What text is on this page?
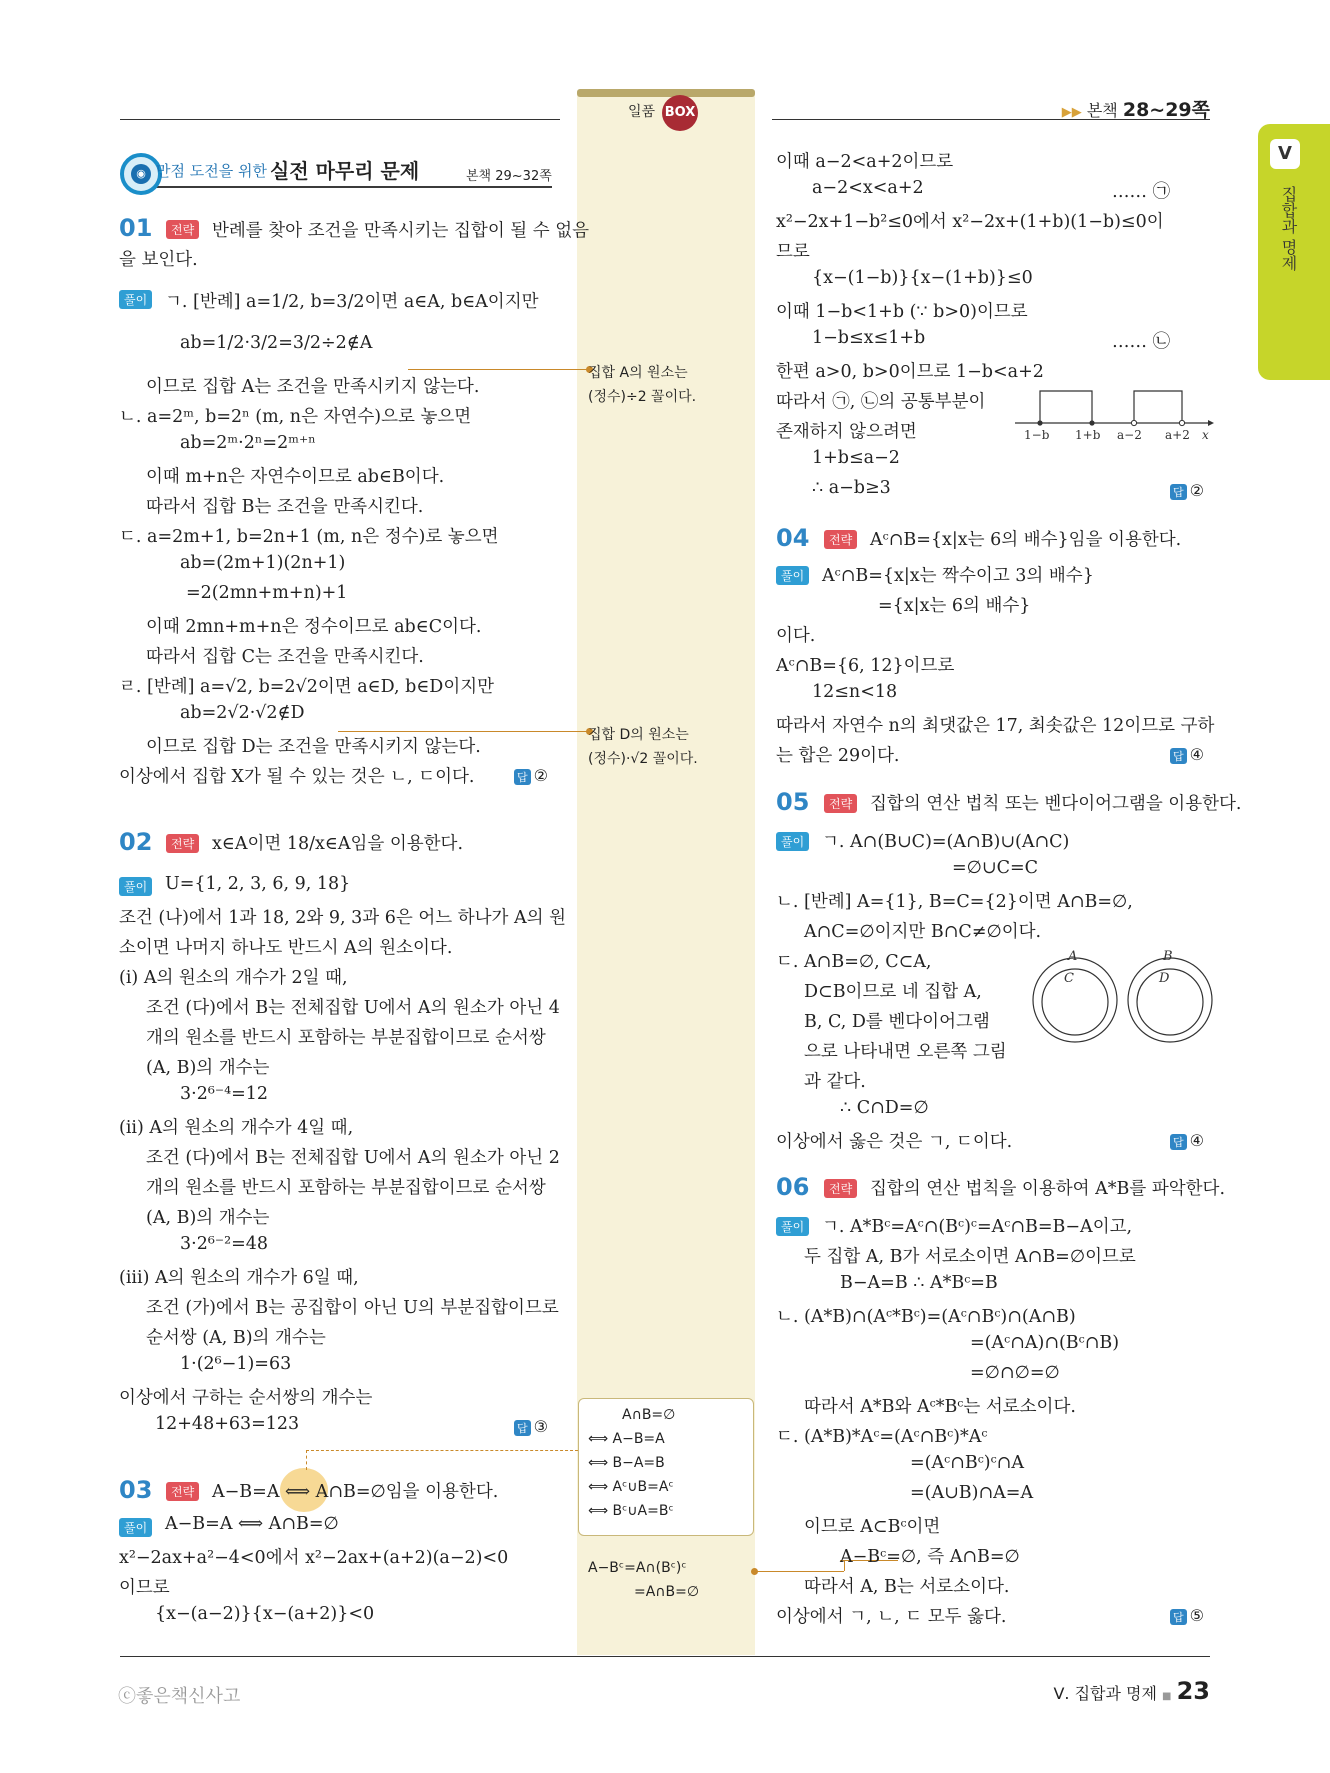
일품 BOX	▶▶ 본책 28~29쪽
V
집합과 명제
◉ 만점 도전을 위한 실전 마무리 문제	본책 29~32쪽
01	전략 반례를 찾아 조건을 만족시키는 집합이 될 수 없음
을 보인다.
풀이 ㄱ. [반례] a=1/2, b=3/2이면 a∈A, b∈A이지만
ab=1/2·3/2=3/2÷2∉A
이므로 집합 A는 조건을 만족시키지 않는다.
ㄴ. a=2ᵐ, b=2ⁿ (m, n은 자연수)으로 놓으면
ab=2ᵐ·2ⁿ=2ᵐ⁺ⁿ
이때 m+n은 자연수이므로 ab∈B이다.
따라서 집합 B는 조건을 만족시킨다.
ㄷ. a=2m+1, b=2n+1 (m, n은 정수)로 놓으면
ab=(2m+1)(2n+1)
=2(2mn+m+n)+1
이때 2mn+m+n은 정수이므로 ab∈C이다.
따라서 집합 C는 조건을 만족시킨다.
ㄹ. [반례] a=√2, b=2√2이면 a∈D, b∈D이지만
ab=2√2·√2∉D
이므로 집합 D는 조건을 만족시키지 않는다.
이상에서 집합 X가 될 수 있는 것은 ㄴ, ㄷ이다.	답 ②
02	전략 x∈A이면 18/x∈A임을 이용한다.
풀이 U={1, 2, 3, 6, 9, 18}
조건 (나)에서 1과 18, 2와 9, 3과 6은 어느 하나가 A의 원
소이면 나머지 하나도 반드시 A의 원소이다.
(i) A의 원소의 개수가 2일 때,
조건 (다)에서 B는 전체집합 U에서 A의 원소가 아닌 4
개의 원소를 반드시 포함하는 부분집합이므로 순서쌍
(A, B)의 개수는
3·2⁶⁻⁴=12
(ii) A의 원소의 개수가 4일 때,
조건 (다)에서 B는 전체집합 U에서 A의 원소가 아닌 2
개의 원소를 반드시 포함하는 부분집합이므로 순서쌍
(A, B)의 개수는
3·2⁶⁻²=48
(iii) A의 원소의 개수가 6일 때,
조건 (가)에서 B는 공집합이 아닌 U의 부분집합이므로
순서쌍 (A, B)의 개수는
1·(2⁶−1)=63
이상에서 구하는 순서쌍의 개수는
12+48+63=123	답 ③
03	전략 A−B=A ⟺ A∩B=∅임을 이용한다.
풀이 A−B=A ⟺ A∩B=∅
x²−2ax+a²−4<0에서 x²−2ax+(a+2)(a−2)<0
이므로
{x−(a−2)}{x−(a+2)}<0
집합 A의 원소는
(정수)÷2 꼴이다.
집합 D의 원소는
(정수)·√2 꼴이다.
A∩B=∅
⟺ A−B=A
⟺ B−A=B
⟺ Aᶜ∪B=Aᶜ
⟺ Bᶜ∪A=Bᶜ
A−Bᶜ=A∩(Bᶜ)ᶜ
=A∩B=∅
이때 a−2<a+2이므로
a−2<x<a+2	…… ㉠
x²−2x+1−b²≤0에서 x²−2x+(1+b)(1−b)≤0이
므로
{x−(1−b)}{x−(1+b)}≤0
이때 1−b<1+b (∵ b>0)이므로
1−b≤x≤1+b	…… ㉡
한편 a>0, b>0이므로 1−b<a+2
따라서 ㉠, ㉡의 공통부분이
존재하지 않으려면
1+b≤a−2
∴ a−b≥3	답 ②
1−b 1+b a−2 a+2 x
04	전략 Aᶜ∩B={x|x는 6의 배수}임을 이용한다.
풀이 Aᶜ∩B={x|x는 짝수이고 3의 배수}
={x|x는 6의 배수}
이다.
Aᶜ∩B={6, 12}이므로
12≤n<18
따라서 자연수 n의 최댓값은 17, 최솟값은 12이므로 구하
는 합은 29이다.	답 ④
05	전략 집합의 연산 법칙 또는 벤다이어그램을 이용한다.
풀이 ㄱ. A∩(B∪C)=(A∩B)∪(A∩C)
=∅∪C=C
ㄴ. [반례] A={1}, B=C={2}이면 A∩B=∅,
A∩C=∅이지만 B∩C≠∅이다.
ㄷ. A∩B=∅, C⊂A,
D⊂B이므로 네 집합 A,
B, C, D를 벤다이어그램
으로 나타내면 오른쪽 그림
과 같다.
∴ C∩D=∅
이상에서 옳은 것은 ㄱ, ㄷ이다.	답 ④
A
C
B
D
06	전략 집합의 연산 법칙을 이용하여 A*B를 파악한다.
풀이 ㄱ. A*Bᶜ=Aᶜ∩(Bᶜ)ᶜ=Aᶜ∩B=B−A이고,
두 집합 A, B가 서로소이면 A∩B=∅이므로
B−A=B ∴ A*Bᶜ=B
ㄴ. (A*B)∩(Aᶜ*Bᶜ)=(Aᶜ∩Bᶜ)∩(A∩B)
=(Aᶜ∩A)∩(Bᶜ∩B)
=∅∩∅=∅
따라서 A*B와 Aᶜ*Bᶜ는 서로소이다.
ㄷ. (A*B)*Aᶜ=(Aᶜ∩Bᶜ)*Aᶜ
=(Aᶜ∩Bᶜ)ᶜ∩A
=(A∪B)∩A=A
이므로 A⊂Bᶜ이면
A−Bᶜ=∅, 즉 A∩B=∅
따라서 A, B는 서로소이다.
이상에서 ㄱ, ㄴ, ㄷ 모두 옳다.	답 ⑤
ⓒ좋은책신사고	Ⅴ. 집합과 명제 ■ 23
